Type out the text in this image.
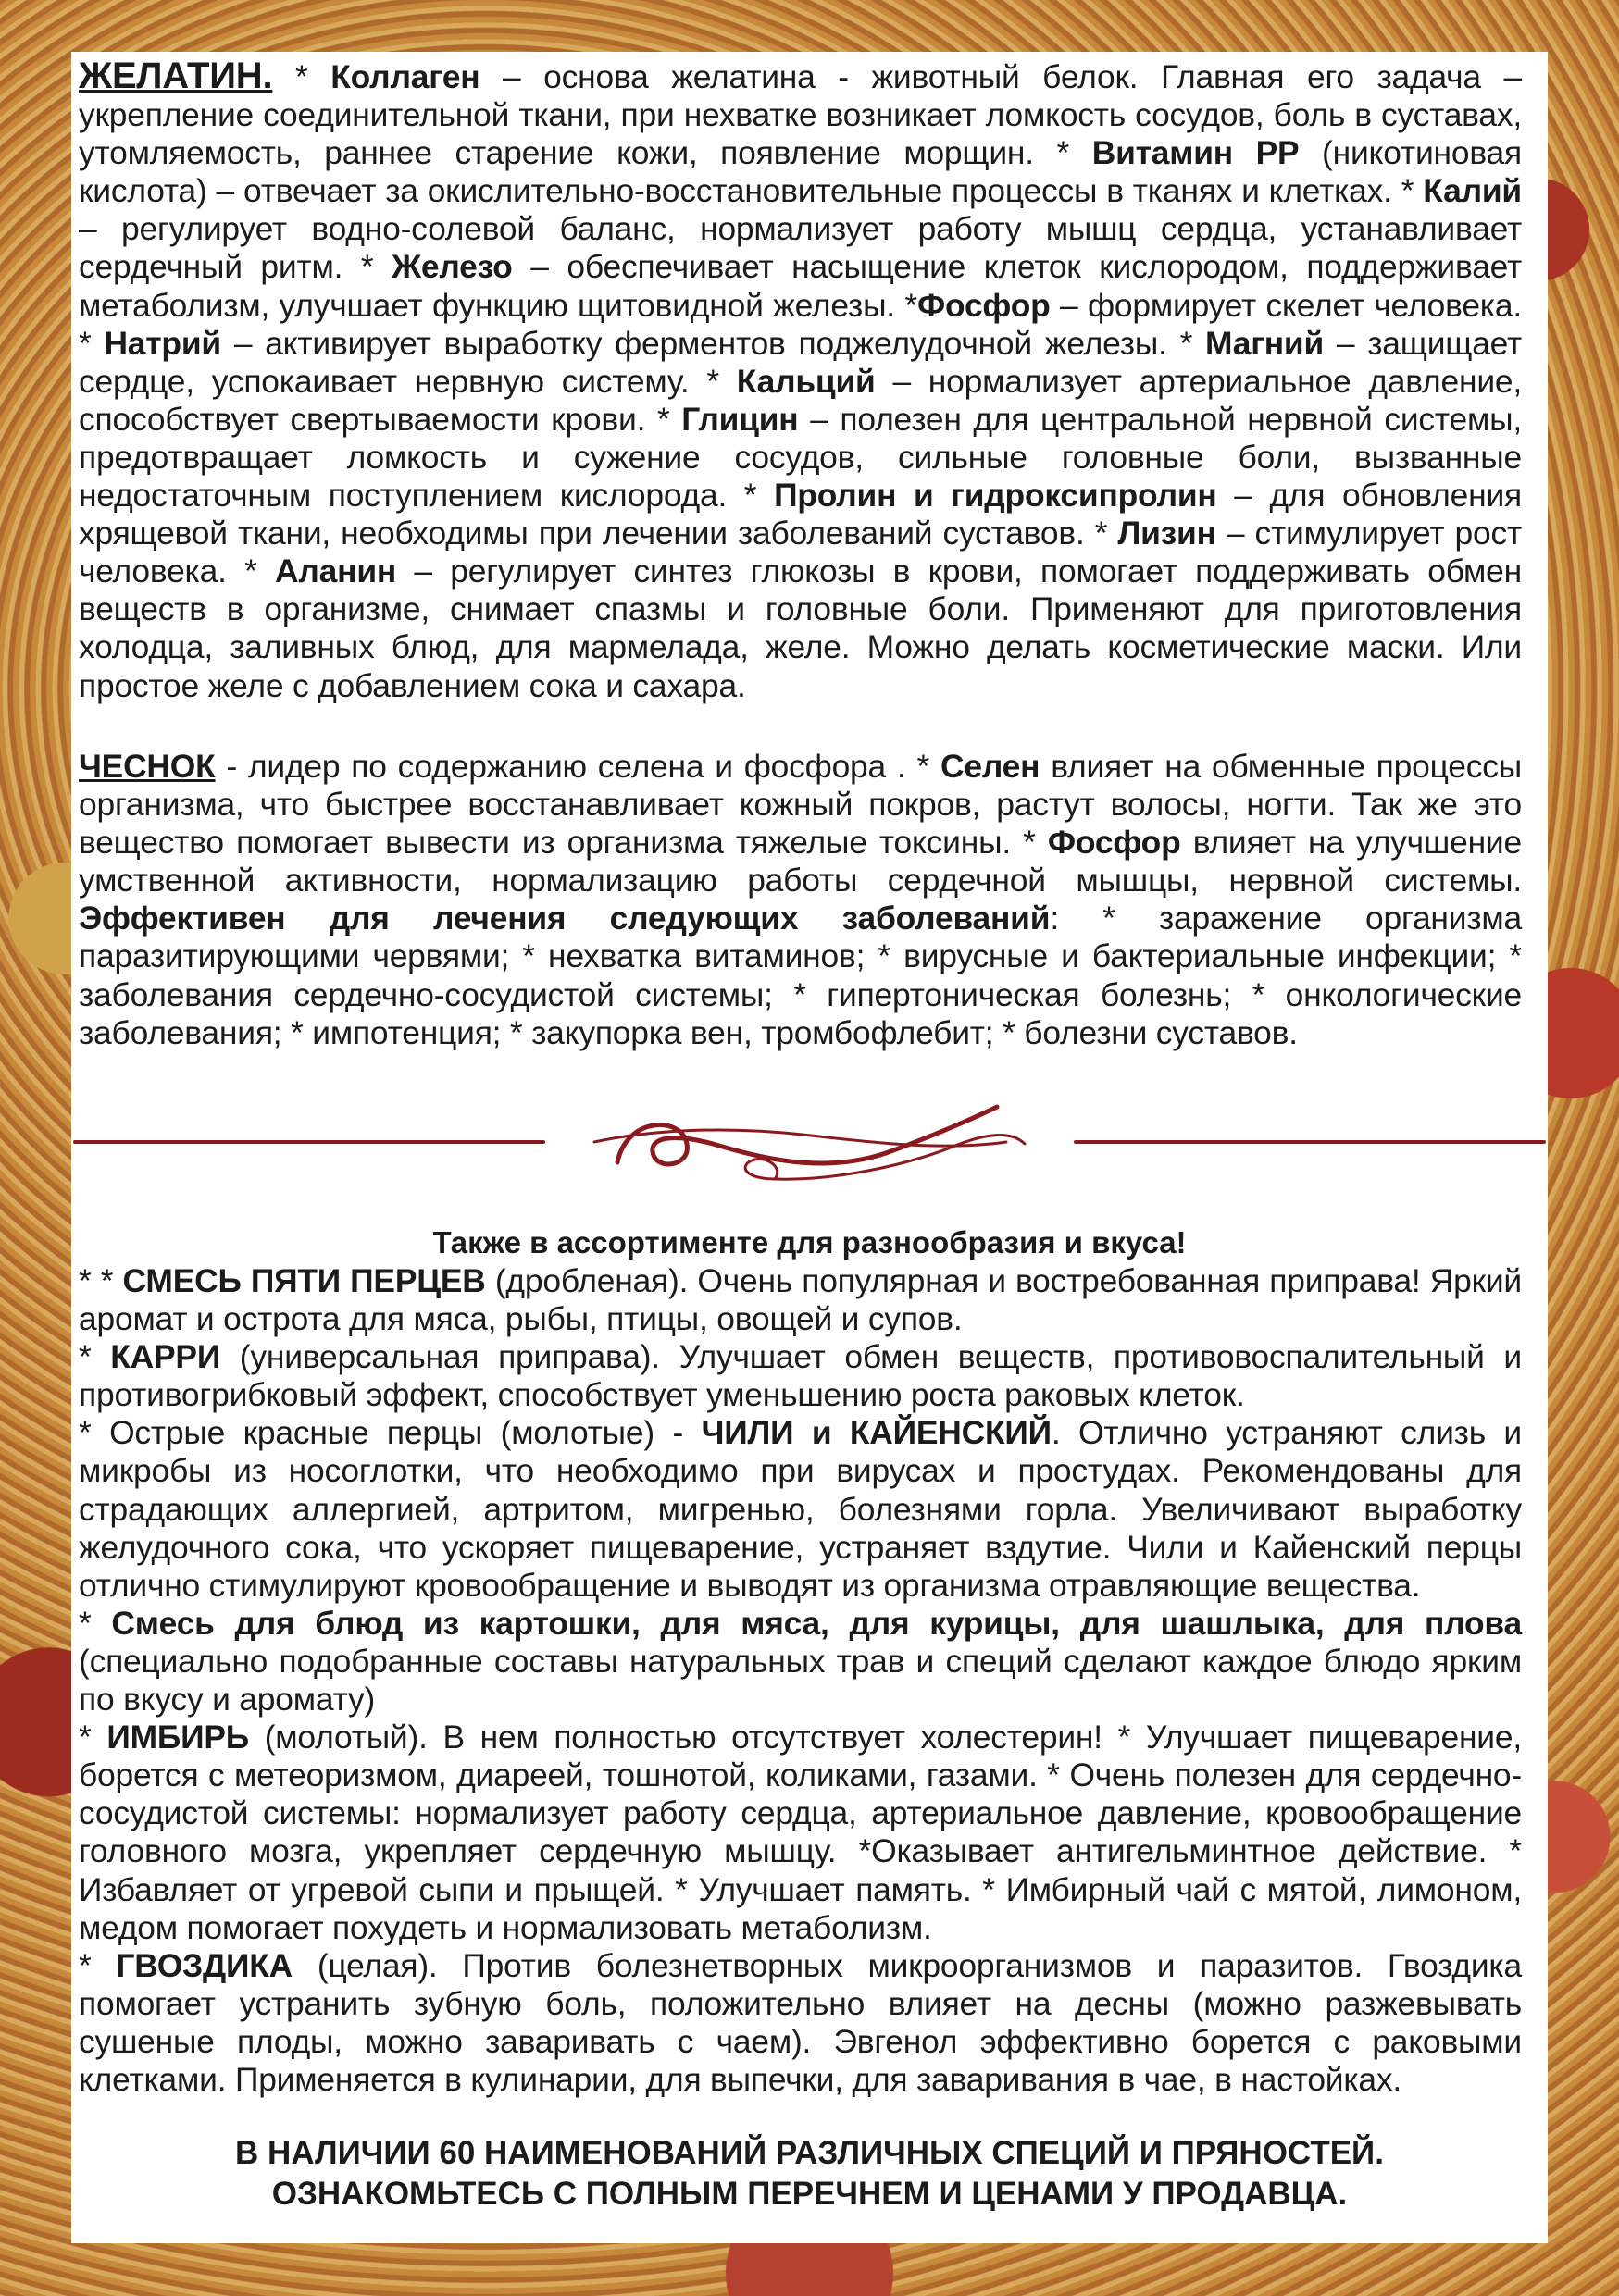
ЖЕЛАТИН. * Коллаген – основа желатина - животный белок. Главная его задача – укрепление соединительной ткани, при нехватке возникает ломкость сосудов, боль в суставах, утомляемость, раннее старение кожи, появление морщин. * Витамин РР (никотиновая кислота) – отвечает за окислительно-восстановительные процессы в тканях и клетках. * Калий – регулирует водно-солевой баланс, нормализует работу мышц сердца, устанавливает сердечный ритм. * Железо – обеспечивает насыщение клеток кислородом, поддерживает метаболизм, улучшает функцию щитовидной железы. *Фосфор – формирует скелет человека. * Натрий – активирует выработку ферментов поджелудочной железы. * Магний – защищает сердце, успокаивает нервную систему. * Кальций – нормализует артериальное давление, способствует свертываемости крови. * Глицин – полезен для центральной нервной системы, предотвращает ломкость и сужение сосудов, сильные головные боли, вызванные недостаточным поступлением кислорода. * Пролин и гидроксипролин – для обновления хрящевой ткани, необходимы при лечении заболеваний суставов. * Лизин – стимулирует рост человека. * Аланин – регулирует синтез глюкозы в крови, помогает поддерживать обмен веществ в организме, снимает спазмы и головные боли. Применяют для приготовления холодца, заливных блюд, для мармелада, желе. Можно делать косметические маски. Или простое желе с добавлением сока и сахара.
ЧЕСНОК - лидер по содержанию селена и фосфора . * Селен влияет на обменные процессы организма, что быстрее восстанавливает кожный покров, растут волосы, ногти. Так же это вещество помогает вывести из организма тяжелые токсины. * Фосфор влияет на улучшение умственной активности, нормализацию работы сердечной мышцы, нервной системы. Эффективен для лечения следующих заболеваний: * заражение организма паразитирующими червями; * нехватка витаминов; * вирусные и бактериальные инфекции; * заболевания сердечно-сосудистой системы; * гипертоническая болезнь; * онкологические заболевания; * импотенция; * закупорка вен, тромбофлебит; * болезни суставов.
Также в ассортименте для разнообразия и вкуса!
* * СМЕСЬ ПЯТИ ПЕРЦЕВ (дробленая). Очень популярная и востребованная приправа! Яркий аромат и острота для мяса, рыбы, птицы, овощей и супов.
* КАРРИ (универсальная приправа). Улучшает обмен веществ, противовоспалительный и противогрибковый эффект, способствует уменьшению роста раковых клеток.
* Острые красные перцы (молотые) - ЧИЛИ и КАЙЕНСКИЙ. Отлично устраняют слизь и микробы из носоглотки, что необходимо при вирусах и простудах. Рекомендованы для страдающих аллергией, артритом, мигренью, болезнями горла. Увеличивают выработку желудочного сока, что ускоряет пищеварение, устраняет вздутие. Чили и Кайенский перцы отлично стимулируют кровообращение и выводят из организма отравляющие вещества.
* Смесь для блюд из картошки, для мяса, для курицы, для шашлыка, для плова (специально подобранные составы натуральных трав и специй сделают каждое блюдо ярким по вкусу и аромату)
* ИМБИРЬ (молотый). В нем полностью отсутствует холестерин! * Улучшает пищеварение, борется с метеоризмом, диареей, тошнотой, коликами, газами. * Очень полезен для сердечно-сосудистой системы: нормализует работу сердца, артериальное давление, кровообращение головного мозга, укрепляет сердечную мышцу. *Оказывает антигельминтное действие. * Избавляет от угревой сыпи и прыщей. * Улучшает память. * Имбирный чай с мятой, лимоном, медом помогает похудеть и нормализовать метаболизм.
* ГВОЗДИКА (целая). Против болезнетворных микроорганизмов и паразитов. Гвоздика помогает устранить зубную боль, положительно влияет на десны (можно разжевывать сушеные плоды, можно заваривать с чаем). Эвгенол эффективно борется с раковыми клетками. Применяется в кулинарии, для выпечки, для заваривания в чае, в настойках.
В НАЛИЧИИ 60 НАИМЕНОВАНИЙ РАЗЛИЧНЫХ СПЕЦИЙ И ПРЯНОСТЕЙ.
ОЗНАКОМЬТЕСЬ С ПОЛНЫМ ПЕРЕЧНЕМ И ЦЕНАМИ У ПРОДАВЦА.
